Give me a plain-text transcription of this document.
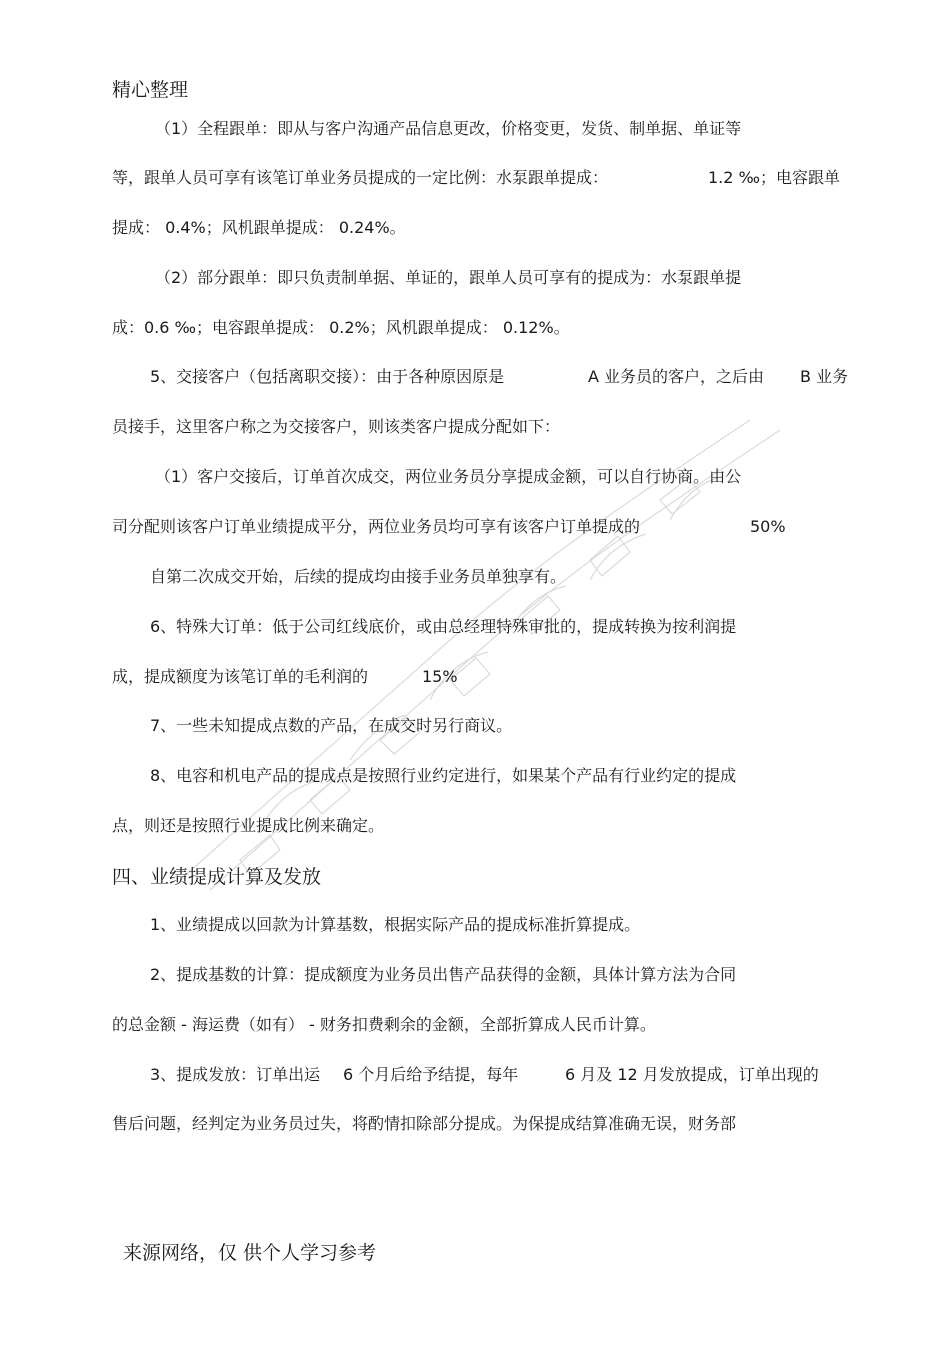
精心整理
（1）全程跟单：即从与客户沟通产品信息更改，价格变更，发货、制单据、单证等
等，跟单人员可享有该笔订单业务员提成的一定比例：水泵跟单提成：	1.2 ‰；电容跟单
提成： 0.4%；风机跟单提成： 0.24%。
（2）部分跟单：即只负责制单据、单证的，跟单人员可享有的提成为：水泵跟单提
成：0.6 ‰；电容跟单提成： 0.2%；风机跟单提成： 0.12%。
5、交接客户（包括离职交接）：由于各种原因原是	A 业务员的客户，之后由 B 业务
员接手，这里客户称之为交接客户，则该类客户提成分配如下：
（1）客户交接后，订单首次成交，两位业务员分享提成金额，可以自行协商。由公
司分配则该客户订单业绩提成平分，两位业务员均可享有该客户订单提成的	50%
自第二次成交开始，后续的提成均由接手业务员单独享有。
6、特殊大订单：低于公司红线底价，或由总经理特殊审批的，提成转换为按利润提
成，提成额度为该笔订单的毛利润的	15%
7、一些未知提成点数的产品，在成交时另行商议。
8、电容和机电产品的提成点是按照行业约定进行，如果某个产品有行业约定的提成
点，则还是按照行业提成比例来确定。
四、业绩提成计算及发放
1、业绩提成以回款为计算基数，根据实际产品的提成标准折算提成。
2、提成基数的计算：提成额度为业务员出售产品获得的金额，具体计算方法为合同
的总金额 - 海运费（如有） - 财务扣费剩余的金额，全部折算成人民币计算。
3、提成发放：订单出运 6 个月后给予结提，每年	6 月及 12 月发放提成，订单出现的
售后问题，经判定为业务员过失，将酌情扣除部分提成。为保提成结算准确无误，财务部
来源网络，仅 供个人学习参考
